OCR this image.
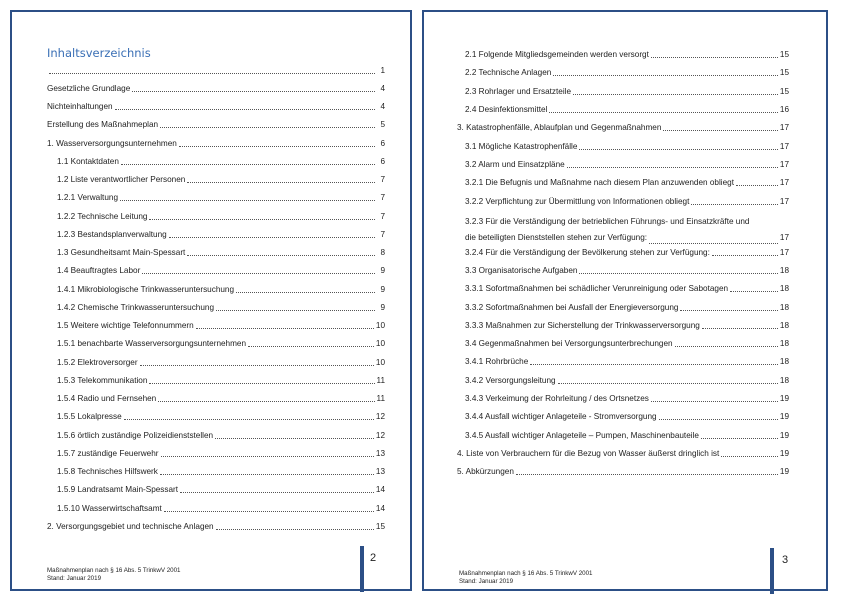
Inhaltsverzeichnis
1
Gesetzliche Grundlage	4
Nichteinhaltungen	4
Erstellung des Maßnahmeplan	5
1. Wasserversorgungsunternehmen	6
1.1 Kontaktdaten	6
1.2 Liste verantwortlicher Personen	7
1.2.1 Verwaltung	7
1.2.2 Technische Leitung	7
1.2.3 Bestandsplanverwaltung	7
1.3 Gesundheitsamt Main-Spessart	8
1.4 Beauftragtes Labor	9
1.4.1 Mikrobiologische Trinkwasseruntersuchung	9
1.4.2 Chemische Trinkwasseruntersuchung	9
1.5 Weitere wichtige Telefonnummern	10
1.5.1 benachbarte Wasserversorgungsunternehmen	10
1.5.2 Elektroversorger	10
1.5.3 Telekommunikation	11
1.5.4 Radio und Fernsehen	11
1.5.5 Lokalpresse	12
1.5.6 örtlich zuständige Polizeidienststellen	12
1.5.7 zuständige Feuerwehr	13
1.5.8 Technisches Hilfswerk	13
1.5.9 Landratsamt Main-Spessart	14
1.5.10 Wasserwirtschaftsamt	14
2. Versorgungsgebiet und technische Anlagen	15
Maßnahmenplan nach § 16 Abs. 5 TrinkwV 2001
Stand: Januar 2019
2
2.1 Folgende Mitgliedsgemeinden werden versorgt	15
2.2 Technische Anlagen	15
2.3 Rohrlager und Ersatzteile	15
2.4 Desinfektionsmittel	16
3. Katastrophenfälle, Ablaufplan und Gegenmaßnahmen	17
3.1 Mögliche Katastrophenfälle	17
3.2 Alarm und Einsatzpläne	17
3.2.1 Die Befugnis und Maßnahme nach diesem Plan anzuwenden obliegt	17
3.2.2 Verpflichtung zur Übermittlung von Informationen obliegt	17
3.2.3 Für die Verständigung der betrieblichen Führungs- und Einsatzkräfte und
die beteiligten Dienststellen stehen zur Verfügung:	17
3.2.4 Für die Verständigung der Bevölkerung stehen zur Verfügung:	17
3.3 Organisatorische Aufgaben	18
3.3.1 Sofortmaßnahmen bei schädlicher Verunreinigung oder Sabotagen	18
3.3.2 Sofortmaßnahmen bei Ausfall der Energieversorgung	18
3.3.3 Maßnahmen zur Sicherstellung der Trinkwasserversorgung	18
3.4 Gegenmaßnahmen bei Versorgungsunterbrechungen	18
3.4.1 Rohrbrüche	18
3.4.2 Versorgungsleitung	18
3.4.3 Verkeimung der Rohrleitung / des Ortsnetzes	19
3.4.4 Ausfall wichtiger Anlageteile - Stromversorgung	19
3.4.5 Ausfall wichtiger Anlageteile – Pumpen, Maschinenbauteile	19
4. Liste von Verbrauchern für die Bezug von Wasser äußerst dringlich ist	19
5. Abkürzungen	19
Maßnahmenplan nach § 16 Abs. 5 TrinkwV 2001
Stand: Januar 2019
3
